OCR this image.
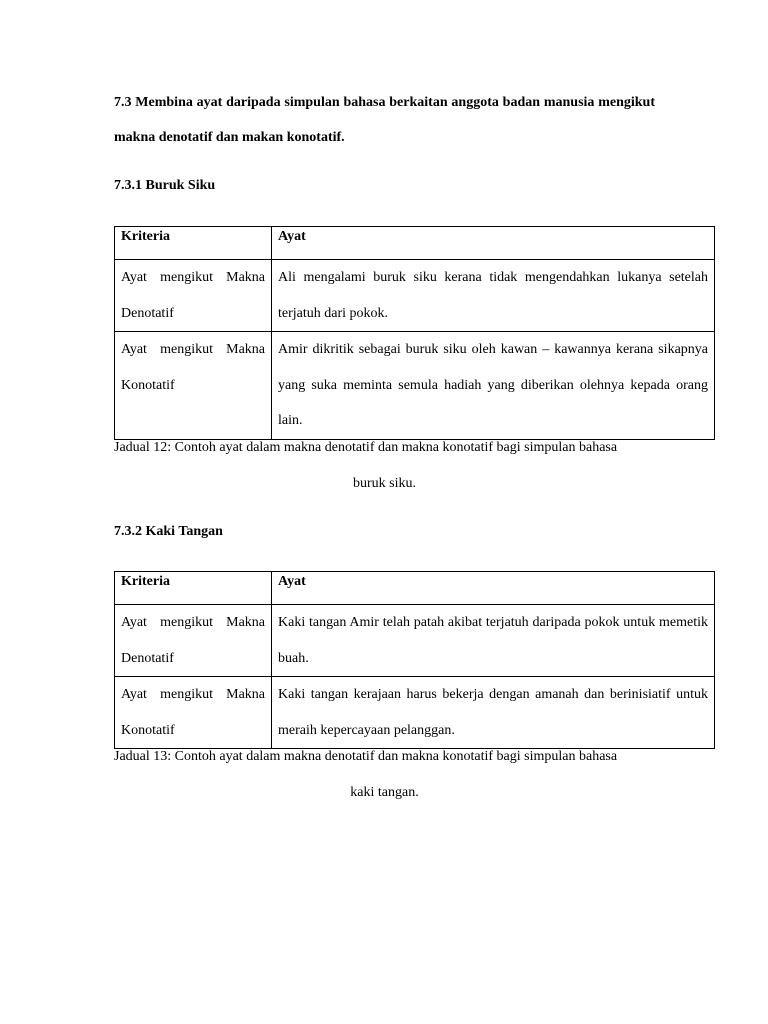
7.3 Membina ayat daripada simpulan bahasa berkaitan anggota badan manusia mengikut makna denotatif dan makan konotatif.
7.3.1 Buruk Siku
Kriteria	Ayat
Ayat mengikut Makna Denotatif	Ali mengalami buruk siku kerana tidak mengendahkan lukanya setelah terjatuh dari pokok.
Ayat mengikut Makna Konotatif	Amir dikritik sebagai buruk siku oleh kawan – kawannya kerana sikapnya yang suka meminta semula hadiah yang diberikan olehnya kepada orang lain.
Jadual 12: Contoh ayat dalam makna denotatif dan makna konotatif bagi simpulan bahasa
buruk siku.
7.3.2 Kaki Tangan
Kriteria	Ayat
Ayat mengikut Makna Denotatif	Kaki tangan Amir telah patah akibat terjatuh daripada pokok untuk memetik buah.
Ayat mengikut Makna Konotatif	Kaki tangan kerajaan harus bekerja dengan amanah dan berinisiatif untuk meraih kepercayaan pelanggan.
Jadual 13: Contoh ayat dalam makna denotatif dan makna konotatif bagi simpulan bahasa
kaki tangan.
